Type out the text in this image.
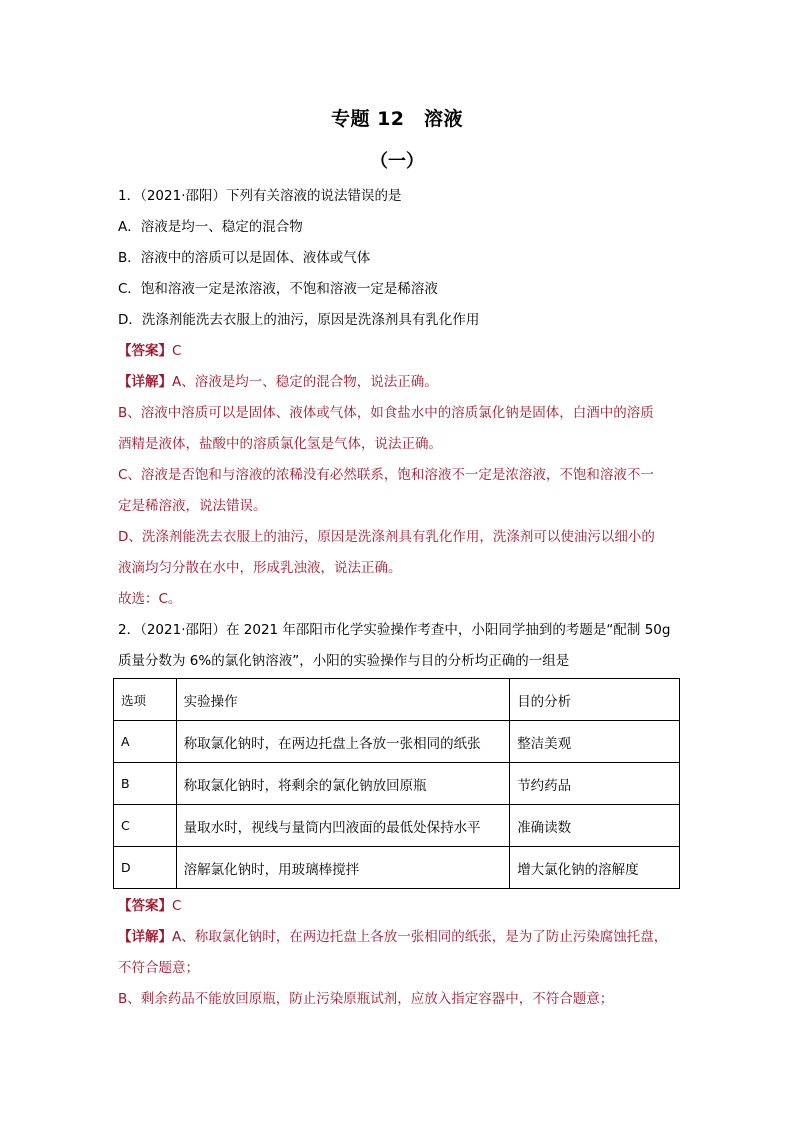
专题 12　溶液
（一）
1．（2021·邵阳）下列有关溶液的说法错误的是
A．溶液是均一、稳定的混合物
B．溶液中的溶质可以是固体、液体或气体
C．饱和溶液一定是浓溶液，不饱和溶液一定是稀溶液
D．洗涤剂能洗去衣服上的油污，原因是洗涤剂具有乳化作用
【答案】C
【详解】A、溶液是均一、稳定的混合物，说法正确。
B、溶液中溶质可以是固体、液体或气体，如食盐水中的溶质氯化钠是固体，白酒中的溶质
酒精是液体，盐酸中的溶质氯化氢是气体，说法正确。
C、溶液是否饱和与溶液的浓稀没有必然联系，饱和溶液不一定是浓溶液，不饱和溶液不一
定是稀溶液，说法错误。
D、洗涤剂能洗去衣服上的油污，原因是洗涤剂具有乳化作用，洗涤剂可以使油污以细小的
液滴均匀分散在水中，形成乳浊液，说法正确。
故选：C。
2．（2021·邵阳）在 2021 年邵阳市化学实验操作考查中，小阳同学抽到的考题是“配制 50g
质量分数为 6%的氯化钠溶液”，小阳的实验操作与目的分析均正确的一组是
选项	实验操作	目的分析
A	称取氯化钠时，在两边托盘上各放一张相同的纸张	整洁美观
B	称取氯化钠时，将剩余的氯化钠放回原瓶	节约药品
C	量取水时，视线与量筒内凹液面的最低处保持水平	准确读数
D	溶解氯化钠时，用玻璃棒搅拌	增大氯化钠的溶解度
【答案】C
【详解】A、称取氯化钠时，在两边托盘上各放一张相同的纸张，是为了防止污染腐蚀托盘，
不符合题意；
B、剩余药品不能放回原瓶，防止污染原瓶试剂，应放入指定容器中，不符合题意；
